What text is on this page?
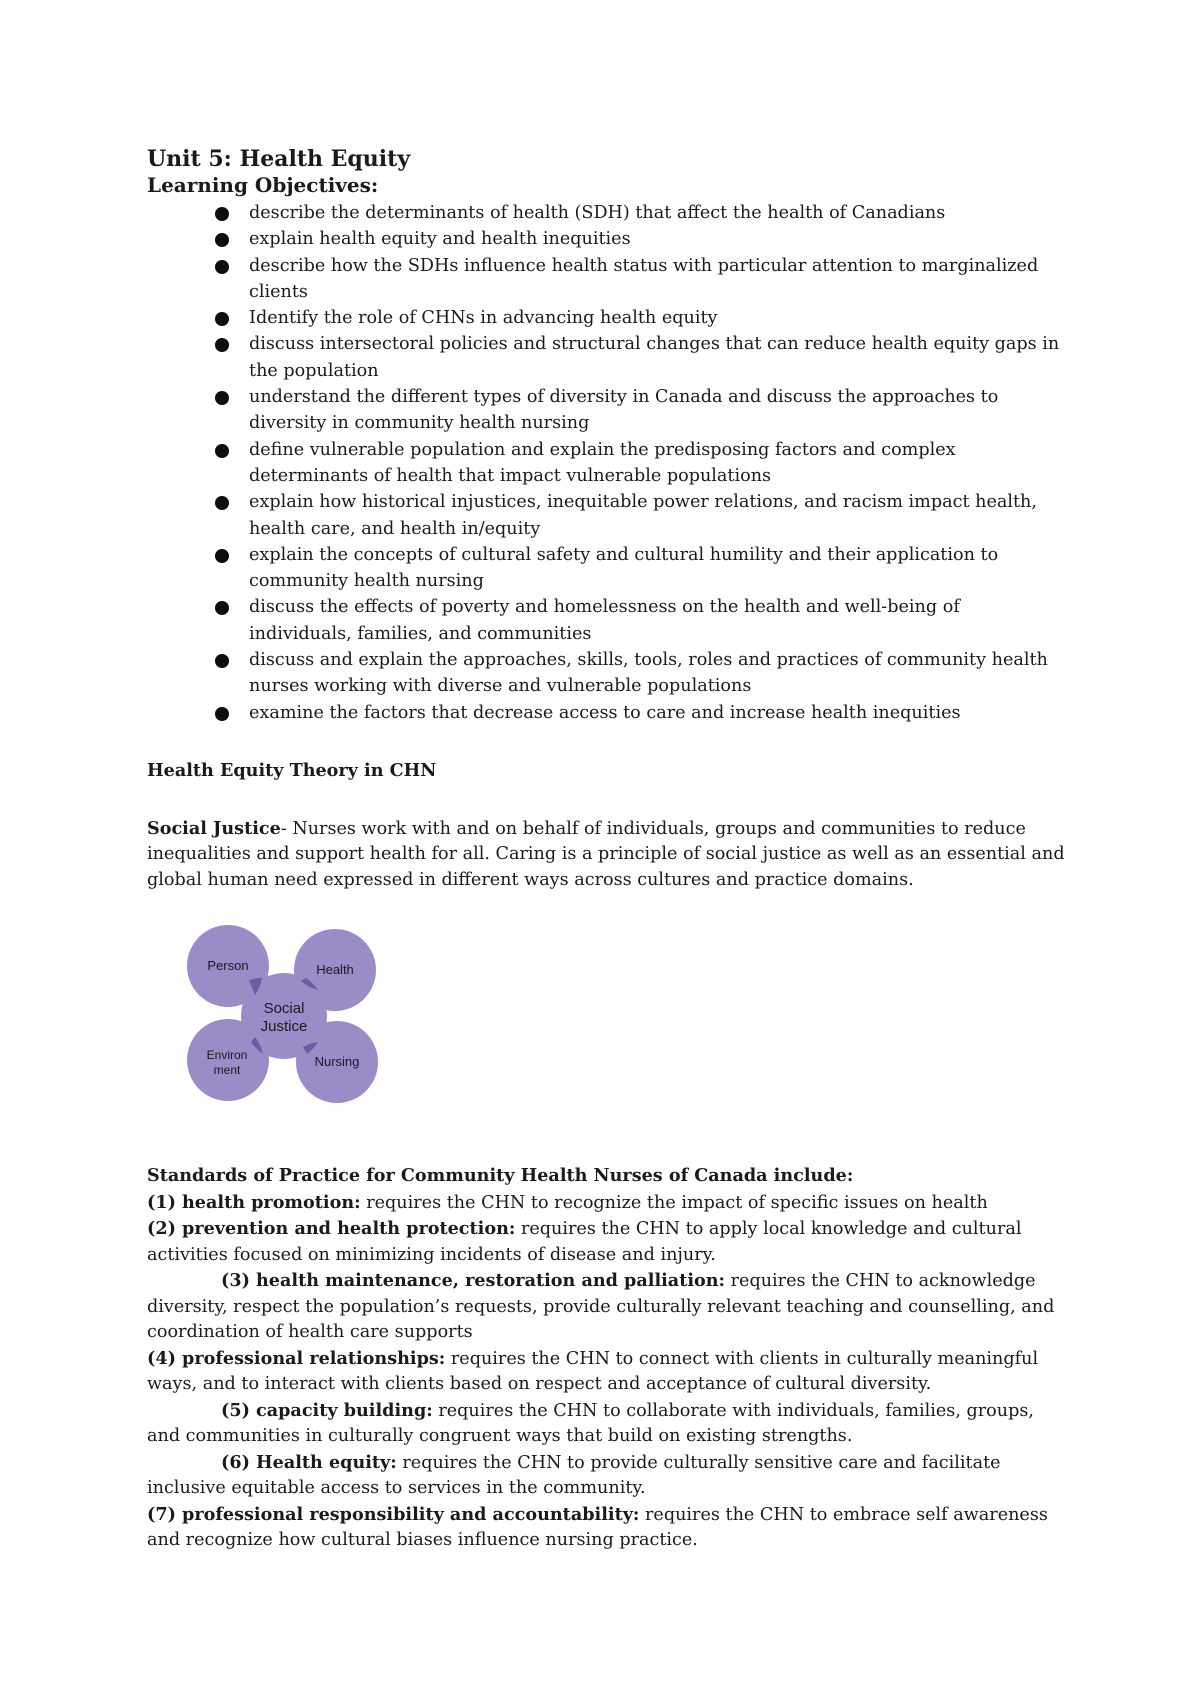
Unit 5: Health Equity
Learning Objectives:
describe the determinants of health (SDH) that affect the health of Canadians
explain health equity and health inequities
describe how the SDHs influence health status with particular attention to marginalized clients
Identify the role of CHNs in advancing health equity
discuss intersectoral policies and structural changes that can reduce health equity gaps in the population
understand the different types of diversity in Canada and discuss the approaches to diversity in community health nursing
define vulnerable population and explain the predisposing factors and complex determinants of health that impact vulnerable populations
explain how historical injustices, inequitable power relations, and racism impact health, health care, and health in/equity
explain the concepts of cultural safety and cultural humility and their application to community health nursing
discuss the effects of poverty and homelessness on the health and well-being of individuals, families, and communities
discuss and explain the approaches, skills, tools, roles and practices of community health nurses working with diverse and vulnerable populations
examine the factors that decrease access to care and increase health inequities
Health Equity Theory in CHN

Social Justice- Nurses work with and on behalf of individuals, groups and communities to reduce inequalities and support health for all. Caring is a principle of social justice as well as an essential and global human need expressed in different ways across cultures and practice domains.

Person	Health
Social
Justice
Environ
ment
Nursing

Standards of Practice for Community Health Nurses of Canada include:

(1) health promotion: requires the CHN to recognize the impact of specific issues on health

(2) prevention and health protection: requires the CHN to apply local knowledge and cultural activities focused on minimizing incidents of disease and injury.

(3) health maintenance, restoration and palliation: requires the CHN to acknowledge diversity, respect the population’s requests, provide culturally relevant teaching and counselling, and coordination of health care supports

(4) professional relationships: requires the CHN to connect with clients in culturally meaningful ways, and to interact with clients based on respect and acceptance of cultural diversity.

(5) capacity building: requires the CHN to collaborate with individuals, families, groups, and communities in culturally congruent ways that build on existing strengths.

(6) Health equity: requires the CHN to provide culturally sensitive care and facilitate inclusive equitable access to services in the community.

(7) professional responsibility and accountability: requires the CHN to embrace self awareness and recognize how cultural biases influence nursing practice.
